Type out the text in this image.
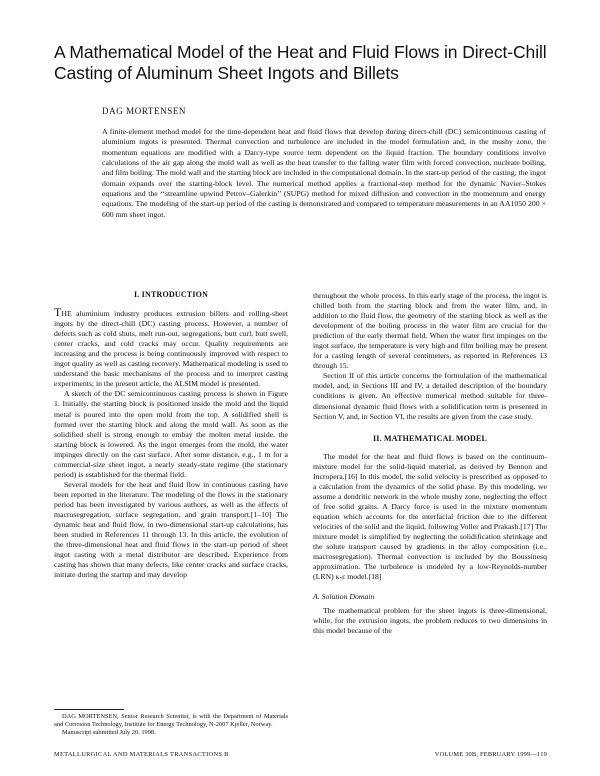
A Mathematical Model of the Heat and Fluid Flows in Direct-Chill Casting of Aluminum Sheet Ingots and Billets

DAG MORTENSEN

A finite-element method model for the time-dependent heat and fluid flows that develop during direct-chill (DC) semicontinuous casting of aluminium ingots is presented. Thermal convection and turbulence are included in the model formulation and, in the mushy zone, the momentum equations are modified with a Darcy-type source term dependent on the liquid fraction. The boundary conditions involve calculations of the air gap along the mold wall as well as the heat transfer to the falling water film with forced convection, nucleate boiling, and film boiling. The mold wall and the starting block are included in the computational domain. In the start-up period of the casting, the ingot domain expands over the starting-block level. The numerical method applies a fractional-step method for the dynamic Navier–Stokes equations and the ‘‘streamline upwind Petrov–Galerkin’’ (SUPG) method for mixed diffusion and convection in the momentum and energy equations. The modeling of the start-up period of the casting is demonstrated and compared to temperature measurements in an AA1050 200 × 600 mm sheet ingot.

I. INTRODUCTION

THE aluminium industry produces extrusion billets and rolling-sheet ingots by the direct-chill (DC) casting process. However, a number of defects such as cold shuts, melt run-out, segregations, butt curl, butt swell, center cracks, and cold cracks may occur. Quality requirements are increasing and the process is being continuously improved with respect to ingot quality as well as casting recovery. Mathematical modeling is used to understand the basic mechanisms of the process and to interpret casting experiments; in the present article, the ALSIM model is presented.

A sketch of the DC semicontinuous casting process is shown in Figure 1. Initially, the starting block is positioned inside the mold and the liquid metal is poured into the open mold from the top. A solidified shell is formed over the starting block and along the mold wall. As soon as the solidified shell is strong enough to embay the molten metal inside, the starting block is lowered. As the ingot emerges from the mold, the water impinges directly on the cast surface. After some distance, e.g., 1 m for a commercial-size sheet ingot, a nearly steady-state regime (the stationary period) is established for the thermal field.

Several models for the heat and fluid flow in continuous casting have been reported in the literature. The modeling of the flows in the stationary period has been investigated by various authors, as well as the effects of macrosegregation, surface segregation, and grain transport.[1–10] The dynamic heat and fluid flow, in two-dimensional start-up calculations, has been studied in References 11 through 13. In this article, the evolution of the three-dimensional heat and fluid flows in the start-up period of sheet ingot casting with a metal distributor are described. Experience from casting has shown that many defects, like center cracks and surface cracks, initiate during the startup and may develop

throughout the whole process. In this early stage of the process, the ingot is chilled both from the starting block and from the water film, and, in addition to the fluid flow, the geometry of the starting block as well as the development of the boiling process in the water film are crucial for the prediction of the early thermal field. When the water first impinges on the ingot surface, the temperature is very high and film boiling may be present for a casting length of several centimeters, as reported in References 13 through 15.

Section II of this article concerns the formulation of the mathematical model, and, in Sections III and IV, a detailed description of the boundary conditions is given. An effective numerical method suitable for three-dimensional dynamic fluid flows with a solidification term is presented in Section V, and, in Section VI, the results are given from the case study.

II. MATHEMATICAL MODEL

The model for the heat and fluid flows is based on the continuum-mixture model for the solid-liquid material, as derived by Bennon and Incropera.[16] In this model, the solid velocity is prescribed as opposed to a calculation from the dynamics of the solid phase. By this modeling, we assume a dendritic network in the whole mushy zone, neglecting the effect of free solid grains. A Darcy force is used in the mixture momentum equation which accounts for the interfacial friction due to the different velocities of the solid and the liquid, following Voller and Prakash.[17] The mixture model is simplified by neglecting the solidification shrinkage and the solute transport caused by gradients in the alloy composition (i.e., macrosegregation). Thermal convection is included by the Boussinesq approximation. The turbulence is modeled by a low-Reynolds-number (LRN) κ-ε model.[18]

A. Solution Domain

The mathematical problem for the sheet ingots is three-dimensional, while, for the extrusion ingots, the problem reduces to two dimensions in this model because of the

DAG MORTENSEN, Senior Research Scientist, is with the Department of Materials and Corrosion Technology, Institute for Energy Technology, N-2007 Kjeller, Norway.

Manuscript submitted July 20, 1998.

METALLURGICAL AND MATERIALS TRANSACTIONS B	VOLUME 30B, FEBRUARY 1999—119
